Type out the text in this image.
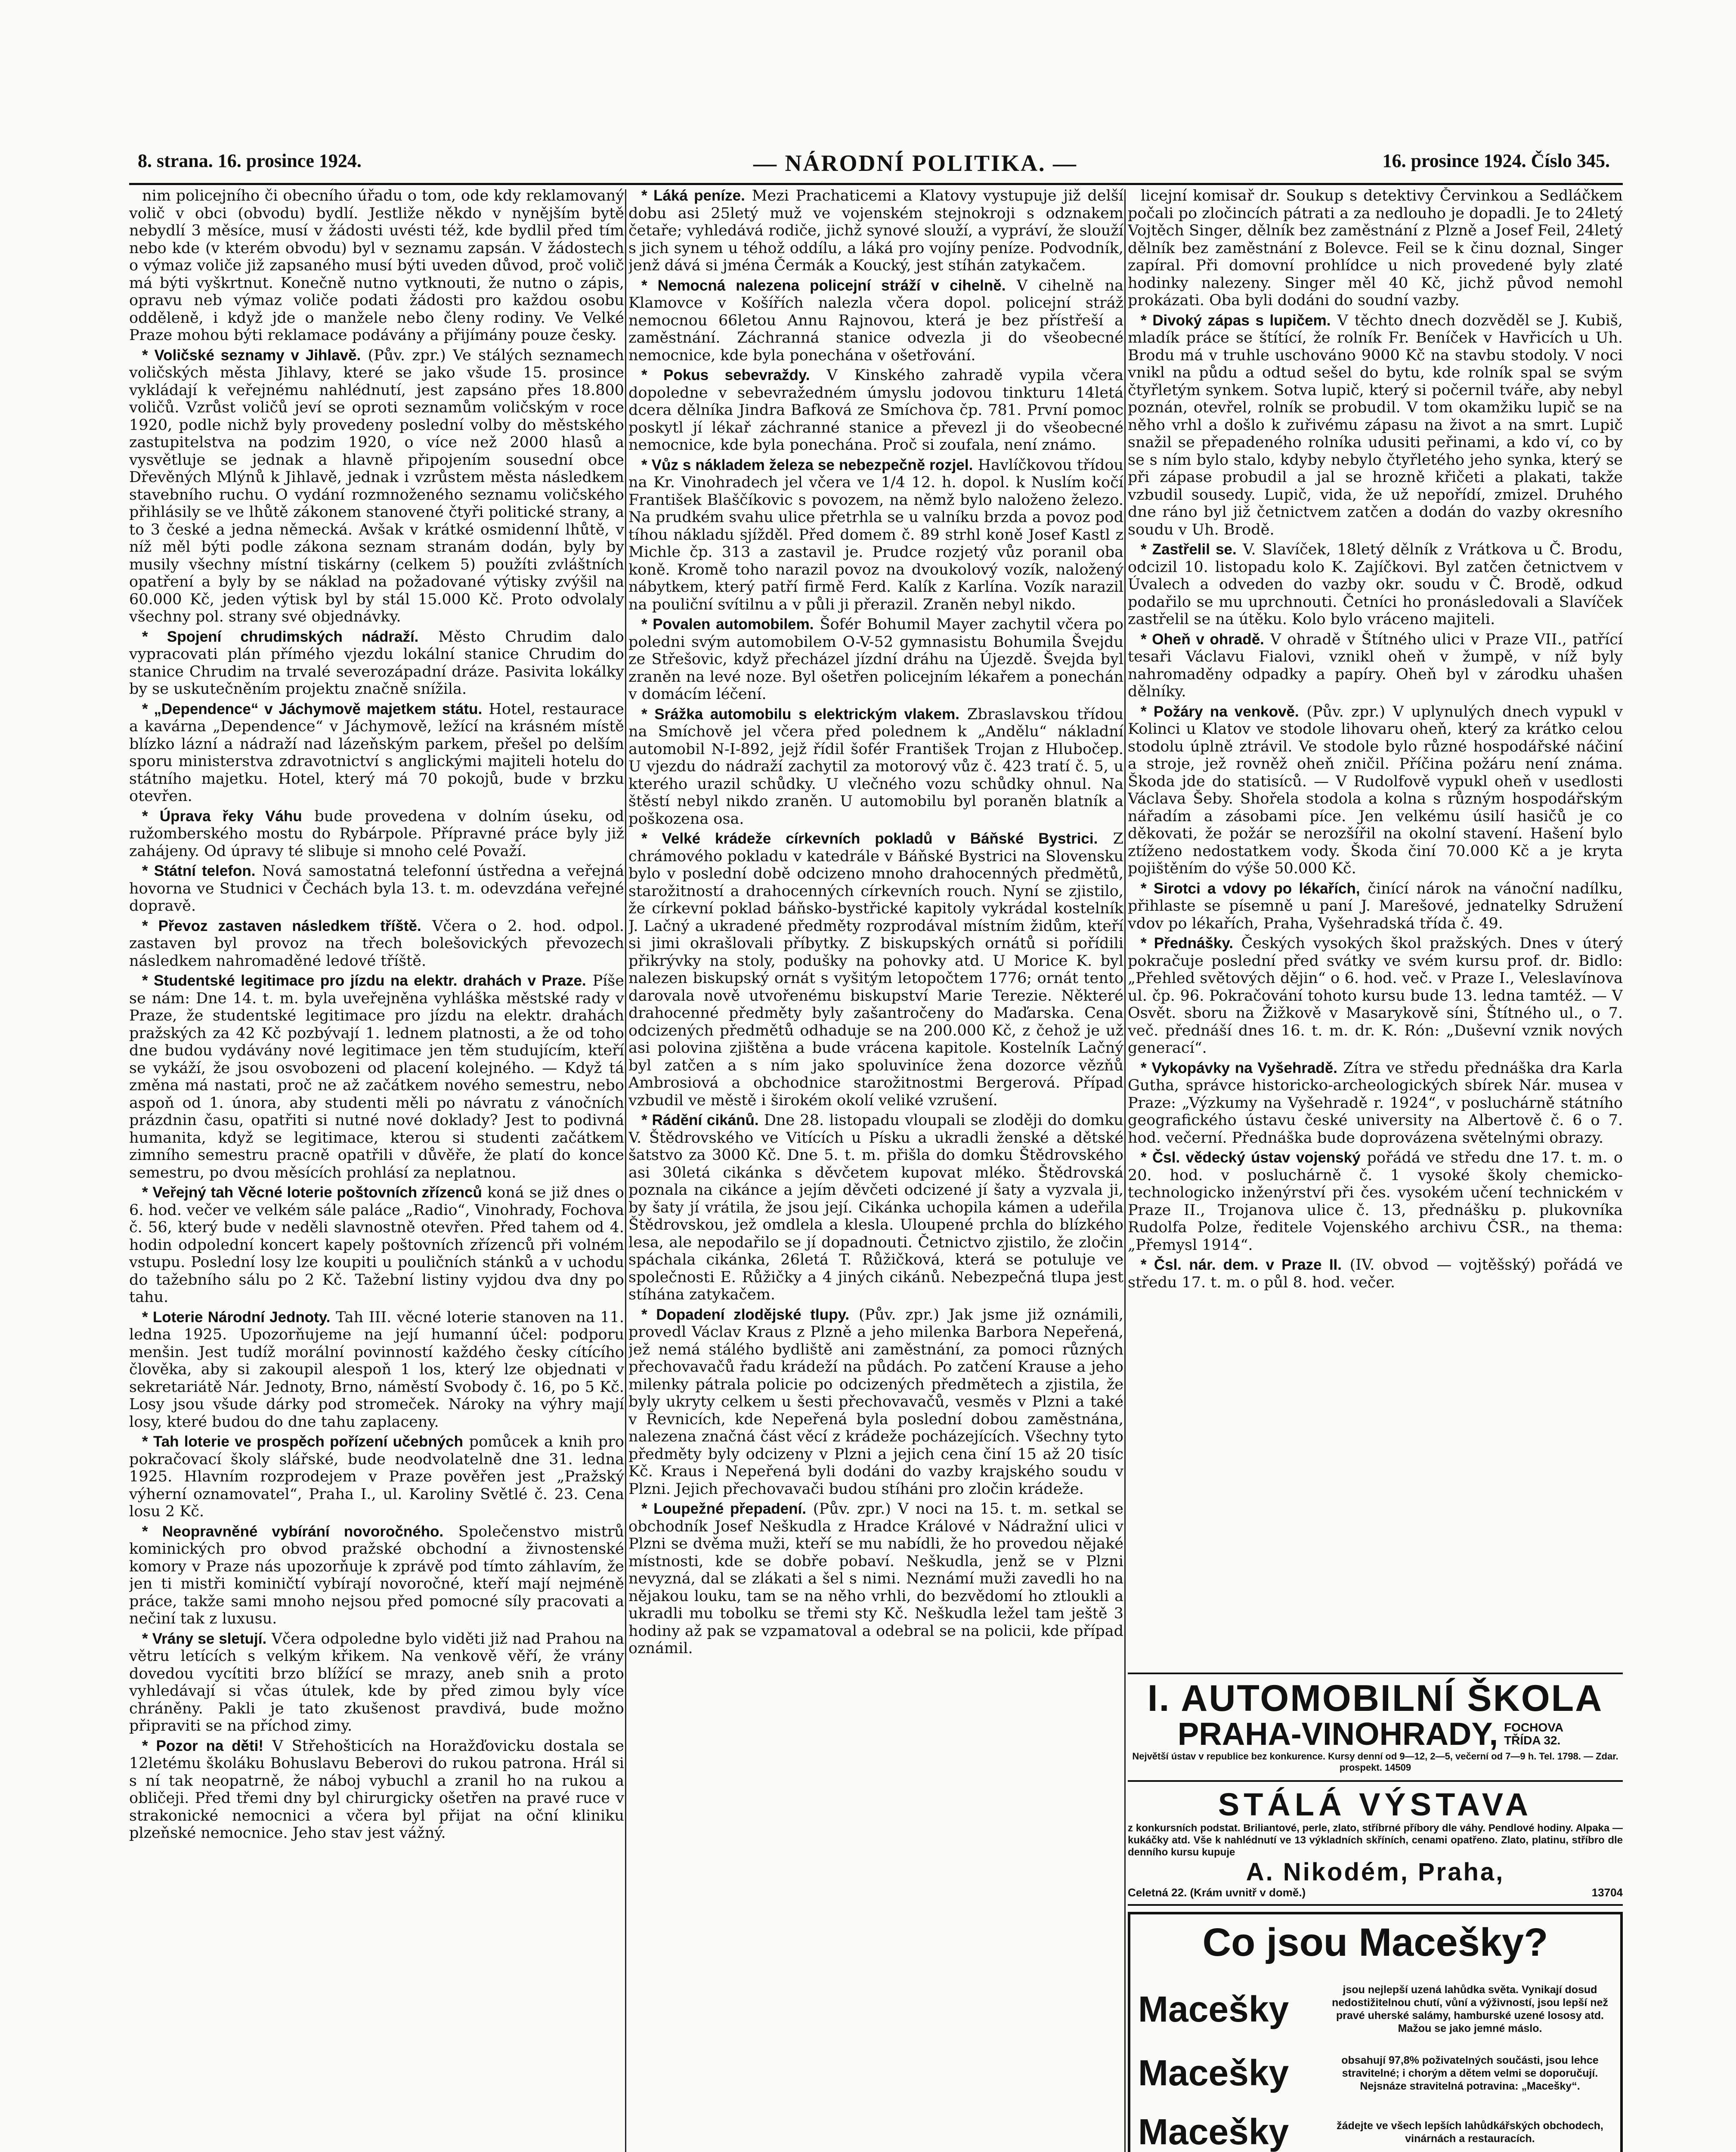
8. strana. 16. prosince 1924.	— NÁRODNÍ POLITIKA. —	16. prosince 1924. Číslo 345.

nim policejního či obecního úřadu o tom, ode kdy reklamovaný volič v obci (obvodu) bydlí. Jestliže někdo v nynějším bytě nebydlí 3 měsíce, musí v žádosti uvésti též, kde bydlil před tím nebo kde (v kterém obvodu) byl v seznamu zapsán. V žádostech o výmaz voliče již zapsaného musí býti uveden důvod, proč volič má býti vyškrtnut. Konečně nutno vytknouti, že nutno o zápis, opravu neb výmaz voliče podati žádosti pro každou osobu odděleně, i když jde o manžele nebo členy rodiny. Ve Velké Praze mohou býti reklamace podávány a přijímány pouze česky.

* Voličské seznamy v Jihlavě. (Pův. zpr.) Ve stálých seznamech voličských města Jihlavy, které se jako všude 15. prosince vykládají k veřejnému nahlédnutí, jest zapsáno přes 18.800 voličů. Vzrůst voličů jeví se oproti seznamům voličským v roce 1920, podle nichž byly provedeny poslední volby do městského zastupitelstva na podzim 1920, o více než 2000 hlasů a vysvětluje se jednak a hlavně připojením sousední obce Dřevěných Mlýnů k Jihlavě, jednak i vzrůstem města následkem stavebního ruchu. O vydání rozmnoženého seznamu voličského přihlásily se ve lhůtě zákonem stanovené čtyři politické strany, a to 3 české a jedna německá. Avšak v krátké osmidenní lhůtě, v níž měl býti podle zákona seznam stranám dodán, byly by musily všechny místní tiskárny (celkem 5) použíti zvláštních opatření a byly by se náklad na požadované výtisky zvýšil na 60.000 Kč, jeden výtisk byl by stál 15.000 Kč. Proto odvolaly všechny pol. strany své objednávky.

* Spojení chrudimských nádraží. Město Chrudim dalo vypracovati plán přímého vjezdu lokální stanice Chrudim do stanice Chrudim na trvalé severozápadní dráze. Pasivita lokálky by se uskutečněním projektu značně snížila.

* „Dependence“ v Jáchymově majetkem státu. Hotel, restaurace a kavárna „Dependence“ v Jáchymově, ležící na krásném místě blízko lázní a nádraží nad lázeňským parkem, přešel po delším sporu ministerstva zdravotnictví s anglickými majiteli hotelu do státního majetku. Hotel, který má 70 pokojů, bude v brzku otevřen.

* Úprava řeky Váhu bude provedena v dolním úseku, od ružomberského mostu do Rybárpole. Přípravné práce byly již zahájeny. Od úpravy té slibuje si mnoho celé Považí.

* Státní telefon. Nová samostatná telefonní ústředna a veřejná hovorna ve Studnici v Čechách byla 13. t. m. odevzdána veřejné dopravě.

* Převoz zastaven následkem tříště. Včera o 2. hod. odpol. zastaven byl provoz na třech bolešovických převozech následkem nahromaděné ledové tříště.

* Studentské legitimace pro jízdu na elektr. drahách v Praze. Píše se nám: Dne 14. t. m. byla uveřejněna vyhláška městské rady v Praze, že studentské legitimace pro jízdu na elektr. drahách pražských za 42 Kč pozbývají 1. lednem platnosti, a že od toho dne budou vydávány nové legitimace jen těm studujícím, kteří se vykáží, že jsou osvobozeni od placení kolejného. — Když tá změna má nastati, proč ne až začátkem nového semestru, nebo aspoň od 1. února, aby studenti měli po návratu z vánočních prázdnin času, opatřiti si nutné nové doklady? Jest to podivná humanita, když se legitimace, kterou si studenti začátkem zimního semestru pracně opatřili v důvěře, že platí do konce semestru, po dvou měsících prohlásí za neplatnou.

* Veřejný tah Věcné loterie poštovních zřízenců koná se již dnes o 6. hod. večer ve velkém sále paláce „Radio“, Vinohrady, Fochova č. 56, který bude v neděli slavnostně otevřen. Před tahem od 4. hodin odpolední koncert kapely poštovních zřízenců při volném vstupu. Poslední losy lze koupiti u pouličních stánků a v uchodu do tažebního sálu po 2 Kč. Tažební listiny vyjdou dva dny po tahu.

* Loterie Národní Jednoty. Tah III. věcné loterie stanoven na 11. ledna 1925. Upozorňujeme na její humanní účel: podporu menšin. Jest tudíž morální povinností každého česky cítícího člověka, aby si zakoupil alespoň 1 los, který lze objednati v sekretariátě Nár. Jednoty, Brno, náměstí Svobody č. 16, po 5 Kč. Losy jsou všude dárky pod stromeček. Nároky na výhry mají losy, které budou do dne tahu zaplaceny.

* Tah loterie ve prospěch pořízení učebných pomůcek a knih pro pokračovací školy slářské, bude neodvolatelně dne 31. ledna 1925. Hlavním rozprodejem v Praze pověřen jest „Pražský výherní oznamovatel“, Praha I., ul. Karoliny Světlé č. 23. Cena losu 2 Kč.

* Neopravněné vybírání novoročného. Společenstvo mistrů kominických pro obvod pražské obchodní a živnostenské komory v Praze nás upozorňuje k zprávě pod tímto záhlavím, že jen ti mistři kominičtí vybírají novoročné, kteří mají nejméně práce, takže sami mnoho nejsou před pomocné síly pracovati a nečiní tak z luxusu.

* Vrány se sletují. Včera odpoledne bylo viděti již nad Prahou na větru letících s velkým křikem. Na venkově věří, že vrány dovedou vycítiti brzo blížící se mrazy, aneb snih a proto vyhledávají si včas útulek, kde by před zimou byly více chráněny. Pakli je tato zkušenost pravdivá, bude možno připraviti se na příchod zimy.

* Pozor na děti! V Střehošticích na Horažďovicku dostala se 12letému školáku Bohuslavu Beberovi do rukou patrona. Hrál si s ní tak neopatrně, že náboj vybuchl a zranil ho na rukou a obličeji. Před třemi dny byl chirurgicky ošetřen na pravé ruce v strakonické nemocnici a včera byl přijat na oční kliniku plzeňské nemocnice. Jeho stav jest vážný.

* Láká peníze. Mezi Prachaticemi a Klatovy vystupuje již delší dobu asi 25letý muž ve vojenském stejnokroji s odznakem četaře; vyhledává rodiče, jichž synové slouží, a vypráví, že slouží s jich synem u téhož oddílu, a láká pro vojíny peníze. Podvodník, jenž dává si jména Čermák a Koucký, jest stíhán zatykačem.

* Nemocná nalezena policejní stráží v cihelně. V cihelně na Klamovce v Košířích nalezla včera dopol. policejní stráž nemocnou 66letou Annu Rajnovou, která je bez přístřeší a zaměstnání. Záchranná stanice odvezla ji do všeobecné nemocnice, kde byla ponechána v ošetřování.

* Pokus sebevraždy. V Kinského zahradě vypila včera dopoledne v sebevražedném úmyslu jodovou tinkturu 14letá dcera dělníka Jindra Bafková ze Smíchova čp. 781. První pomoc poskytl jí lékař záchranné stanice a převezl ji do všeobecné nemocnice, kde byla ponechána. Proč si zoufala, není známo.

* Vůz s nákladem železa se nebezpečně rozjel. Havlíčkovou třídou na Kr. Vinohradech jel včera ve 1/4 12. h. dopol. k Nuslím kočí František Blaščíkovic s povozem, na němž bylo naloženo železo. Na prudkém svahu ulice přetrhla se u valníku brzda a povoz pod tíhou nákladu sjížděl. Před domem č. 89 strhl koně Josef Kastl z Michle čp. 313 a zastavil je. Prudce rozjetý vůz poranil oba koně. Kromě toho narazil povoz na dvoukolový vozík, naložený nábytkem, který patří firmě Ferd. Kalík z Karlína. Vozík narazil na pouliční svítilnu a v půli ji přerazil. Zraněn nebyl nikdo.

* Povalen automobilem. Šofér Bohumil Mayer zachytil včera po poledni svým automobilem O-V-52 gymnasistu Bohumila Švejdu ze Střešovic, když přecházel jízdní dráhu na Újezdě. Švejda byl zraněn na levé noze. Byl ošetřen policejním lékařem a ponechán v domácím léčení.

* Srážka automobilu s elektrickým vlakem. Zbraslavskou třídou na Smíchově jel včera před polednem k „Andělu“ nákladní automobil N-I-892, jejž řídil šofér František Trojan z Hlubočep. U vjezdu do nádraží zachytil za motorový vůz č. 423 tratí č. 5, u kterého urazil schůdky. U vlečného vozu schůdky ohnul. Na štěstí nebyl nikdo zraněn. U automobilu byl poraněn blatník a poškozena osa.

* Velké krádeže církevních pokladů v Báňské Bystrici. Z chrámového pokladu v katedrále v Báňské Bystrici na Slovensku bylo v poslední době odcizeno mnoho drahocenných předmětů, starožitností a drahocenných církevních rouch. Nyní se zjistilo, že církevní poklad báňsko-bystřické kapitoly vykrádal kostelník J. Lačný a ukradené předměty rozprodával místním židům, kteří si jimi okrašlovali příbytky. Z biskupských ornátů si pořídili přikrývky na stoly, podušky na pohovky atd. U Morice K. byl nalezen biskupský ornát s vyšitým letopočtem 1776; ornát tento darovala nově utvořenému biskupství Marie Terezie. Některé drahocenné předměty byly zašantročeny do Maďarska. Cena odcizených předmětů odhaduje se na 200.000 Kč, z čehož je už asi polovina zjištěna a bude vrácena kapitole. Kostelník Lačný byl zatčen a s ním jako spoluviníce žena dozorce vězňů Ambrosiová a obchodnice starožitnostmi Bergerová. Případ vzbudil ve městě i širokém okolí veliké vzrušení.

* Rádění cikánů. Dne 28. listopadu vloupali se zloději do domku V. Štědrovského ve Vitících u Písku a ukradli ženské a dětské šatstvo za 3000 Kč. Dne 5. t. m. přišla do domku Štědrovského asi 30letá cikánka s děvčetem kupovat mléko. Štědrovská poznala na cikánce a jejím děvčeti odcizené jí šaty a vyzvala ji, by šaty jí vrátila, že jsou její. Cikánka uchopila kámen a udeřila Štědrovskou, jež omdlela a klesla. Uloupené prchla do blízkého lesa, ale nepodařilo se jí dopadnouti. Četnictvo zjistilo, že zločin spáchala cikánka, 26letá T. Růžičková, která se potuluje ve společnosti E. Růžičky a 4 jiných cikánů. Nebezpečná tlupa jest stíhána zatykačem.

* Dopadení zlodějské tlupy. (Pův. zpr.) Jak jsme již oznámili, provedl Václav Kraus z Plzně a jeho milenka Barbora Nepeřená, jež nemá stálého bydliště ani zaměstnání, za pomoci různých přechovavačů řadu krádeží na půdách. Po zatčení Krause a jeho milenky pátrala policie po odcizených předmětech a zjistila, že byly ukryty celkem u šesti přechovavačů, vesměs v Plzni a také v Řevnicích, kde Nepeřená byla poslední dobou zaměstnána, nalezena značná část věcí z krádeže pocházejících. Všechny tyto předměty byly odcizeny v Plzni a jejich cena činí 15 až 20 tisíc Kč. Kraus i Nepeřená byli dodáni do vazby krajského soudu v Plzni. Jejich přechovavači budou stíháni pro zločin krádeže.

* Loupežné přepadení. (Pův. zpr.) V noci na 15. t. m. setkal se obchodník Josef Neškudla z Hradce Králové v Nádražní ulici v Plzni se dvěma muži, kteří se mu nabídli, že ho provedou nějaké místnosti, kde se dobře pobaví. Neškudla, jenž se v Plzni nevyzná, dal se zlákati a šel s nimi. Neznámí muži zavedli ho na nějakou louku, tam se na něho vrhli, do bezvědomí ho ztloukli a ukradli mu tobolku se třemi sty Kč. Neškudla ležel tam ještě 3 hodiny až pak se vzpamatoval a odebral se na policii, kde případ oznámil.

licejní komisař dr. Soukup s detektivy Červinkou a Sedláčkem počali po zločincích pátrati a za nedlouho je dopadli. Je to 24letý Vojtěch Singer, dělník bez zaměstnání z Plzně a Josef Feil, 24letý dělník bez zaměstnání z Bolevce. Feil se k činu doznal, Singer zapíral. Při domovní prohlídce u nich provedené byly zlaté hodinky nalezeny. Singer měl 40 Kč, jichž původ nemohl prokázati. Oba byli dodáni do soudní vazby.

* Divoký zápas s lupičem. V těchto dnech dozvěděl se J. Kubiš, mladík práce se štítící, že rolník Fr. Beníček v Havřicích u Uh. Brodu má v truhle uschováno 9000 Kč na stavbu stodoly. V noci vnikl na půdu a odtud sešel do bytu, kde rolník spal se svým čtyřletým synkem. Sotva lupič, který si počernil tváře, aby nebyl poznán, otevřel, rolník se probudil. V tom okamžiku lupič se na něho vrhl a došlo k zuřivému zápasu na život a na smrt. Lupič snažil se přepadeného rolníka udusiti peřinami, a kdo ví, co by se s ním bylo stalo, kdyby nebylo čtyřletého jeho synka, který se při zápase probudil a jal se hrozně křičeti a plakati, takže vzbudil sousedy. Lupič, vida, že už nepořídí, zmizel. Druhého dne ráno byl již četnictvem zatčen a dodán do vazby okresního soudu v Uh. Brodě.

* Zastřelil se. V. Slavíček, 18letý dělník z Vrátkova u Č. Brodu, odcizil 10. listopadu kolo K. Zajíčkovi. Byl zatčen četnictvem v Úvalech a odveden do vazby okr. soudu v Č. Brodě, odkud podařilo se mu uprchnouti. Četníci ho pronásledovali a Slavíček zastřelil se na útěku. Kolo bylo vráceno majiteli.

* Oheň v ohradě. V ohradě v Štítného ulici v Praze VII., patřící tesaři Václavu Fialovi, vznikl oheň v žumpě, v níž byly nahromaděny odpadky a papíry. Oheň byl v zárodku uhašen dělníky.

* Požáry na venkově. (Pův. zpr.) V uplynulých dnech vypukl v Kolinci u Klatov ve stodole lihovaru oheň, který za krátko celou stodolu úplně ztrávil. Ve stodole bylo různé hospodářské náčiní a stroje, jež rovněž oheň zničil. Příčina požáru není známa. Škoda jde do statisíců. — V Rudolfově vypukl oheň v usedlosti Václava Šeby. Shořela stodola a kolna s různým hospodářským nářadím a zásobami píce. Jen velkému úsilí hasičů je co děkovati, že požár se nerozšířil na okolní stavení. Hašení bylo ztíženo nedostatkem vody. Škoda činí 70.000 Kč a je kryta pojištěním do výše 50.000 Kč.

* Sirotci a vdovy po lékařích, činící nárok na vánoční nadílku, přihlaste se písemně u paní J. Marešové, jednatelky Sdružení vdov po lékařích, Praha, Vyšehradská třída č. 49.

* Přednášky. Českých vysokých škol pražských. Dnes v úterý pokračuje poslední před svátky ve svém kursu prof. dr. Bidlo: „Přehled světových dějin“ o 6. hod. več. v Praze I., Veleslavínova ul. čp. 96. Pokračování tohoto kursu bude 13. ledna tamtéž. — V Osvět. sboru na Žižkově v Masarykově síni, Štítného ul., o 7. več. přednáší dnes 16. t. m. dr. K. Rón: „Duševní vznik nových generací“.

* Vykopávky na Vyšehradě. Zítra ve středu přednáška dra Karla Gutha, správce historicko-archeologických sbírek Nár. musea v Praze: „Výzkumy na Vyšehradě r. 1924“, v posluchárně státního geografického ústavu české university na Albertově č. 6 o 7. hod. večerní. Přednáška bude doprovázena světelnými obrazy.

* Čsl. vědecký ústav vojenský pořádá ve středu dne 17. t. m. o 20. hod. v posluchárně č. 1 vysoké školy chemicko-technologicko inženýrství při čes. vysokém učení technickém v Praze II., Trojanova ulice č. 13, přednášku p. plukovníka Rudolfa Polze, ředitele Vojenského archivu ČSR., na thema: „Přemysl 1914“.

* Čsl. nár. dem. v Praze II. (IV. obvod — vojtěšský) pořádá ve středu 17. t. m. o půl 8. hod. večer.

I. AUTOMOBILNÍ ŠKOLA
PRAHA-VINOHRADY, FOCHOVA TŘÍDA 32.
Největší ústav v republice bez konkurence. Kursy denní od 9—12, 2—5, večerní od 7—9 h. Tel. 1798. — Zdar. prospekt. 14509
STÁLÁ VÝSTAVA
z konkursních podstat. Briliantové, perle, zlato, stříbrné příbory dle váhy. Pendlové hodiny. Alpaka — kukáčky atd. Vše k nahlédnutí ve 13 výkladních skříních, cenami opatřeno. Zlato, platinu, stříbro dle denního kursu kupuje
A. Nikodém, Praha,
Celetná 22. (Krám uvnitř v domě.)	13704
Co jsou Macešky?
Macešky	jsou nejlepší uzená lahůdka světa. Vynikají dosud nedostižitelnou chutí, vůní a výživností, jsou lepší než pravé uherské salámy, hamburské uzené lososy atd. Mažou se jako jemné máslo.
Macešky	obsahují 97,8% poživatelných součásti, jsou lehce stravitelné; i chorým a dětem velmi se doporučují. Nejsnáze stravitelná potravina: „Macešky“.
Macešky	žádejte ve všech lepších lahůdkářských obchodech, vinárnách a restauracích.
